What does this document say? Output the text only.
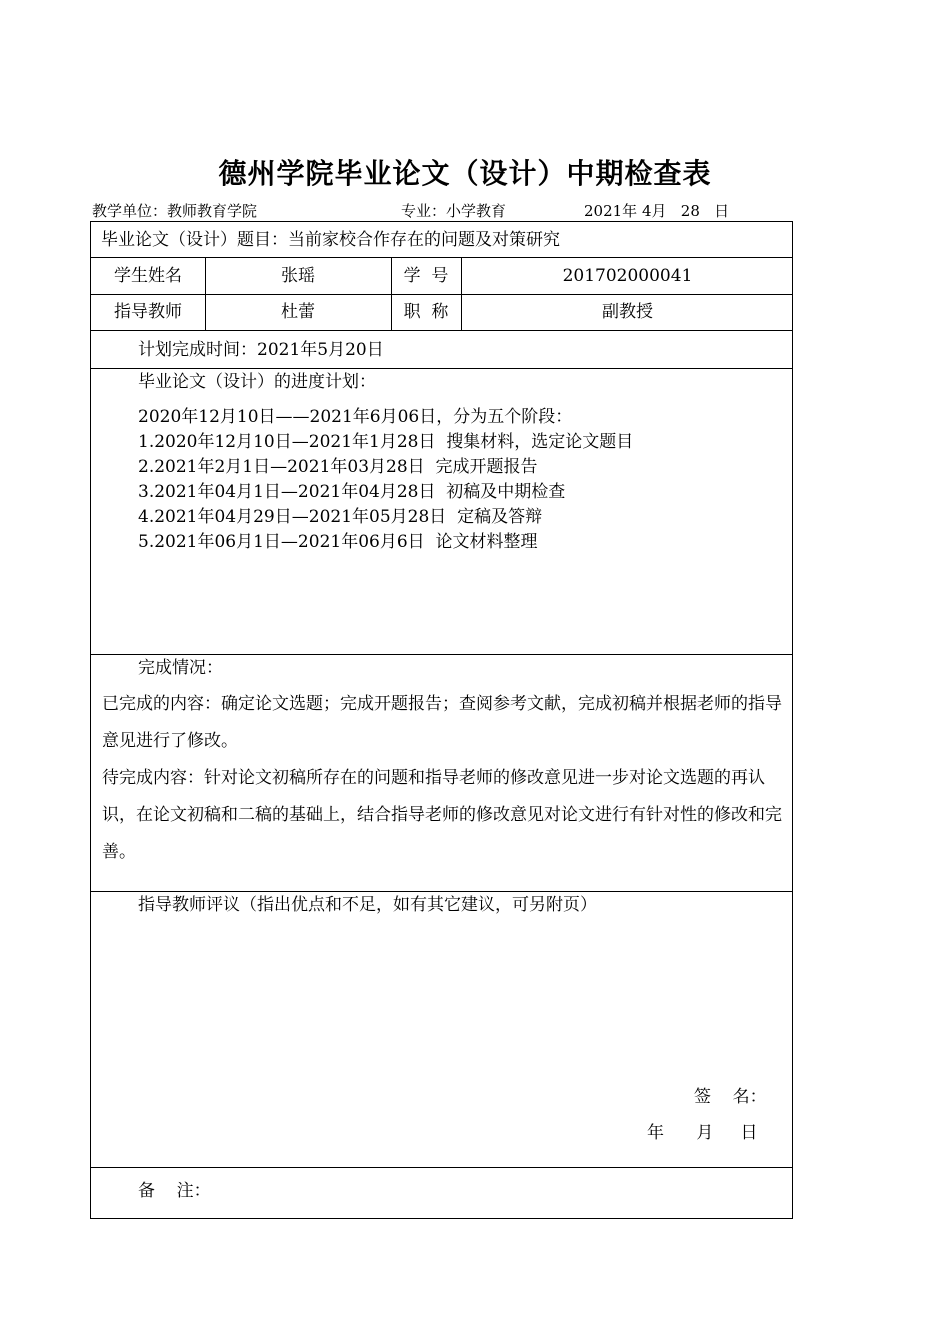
德州学院毕业论文（设计）中期检查表
教学单位：教师教育学院	专业：小学教育	2021年 4月   28   日
毕业论文（设计）题目：当前家校合作存在的问题及对策研究
学生姓名	张瑶	学  号	201702000041
指导教师	杜蕾	职  称	副教授
计划完成时间：2021年5月20日
毕业论文（设计）的进度计划：
2020年12月10日——2021年6月06日，分为五个阶段：
1.2020年12月10日—2021年1月28日  搜集材料，选定论文题目
2.2021年2月1日—2021年03月28日  完成开题报告
3.2021年04月1日—2021年04月28日  初稿及中期检查
4.2021年04月29日—2021年05月28日  定稿及答辩
5.2021年06月1日—2021年06月6日  论文材料整理
完成情况：
已完成的内容：确定论文选题；完成开题报告；查阅参考文献，完成初稿并根据老师的指导意见进行了修改。
待完成内容：针对论文初稿所存在的问题和指导老师的修改意见进一步对论文选题的再认识，在论文初稿和二稿的基础上，结合指导老师的修改意见对论文进行有针对性的修改和完善。
指导教师评议（指出优点和不足，如有其它建议，可另附页）
签    名：
年      月     日
备    注：
